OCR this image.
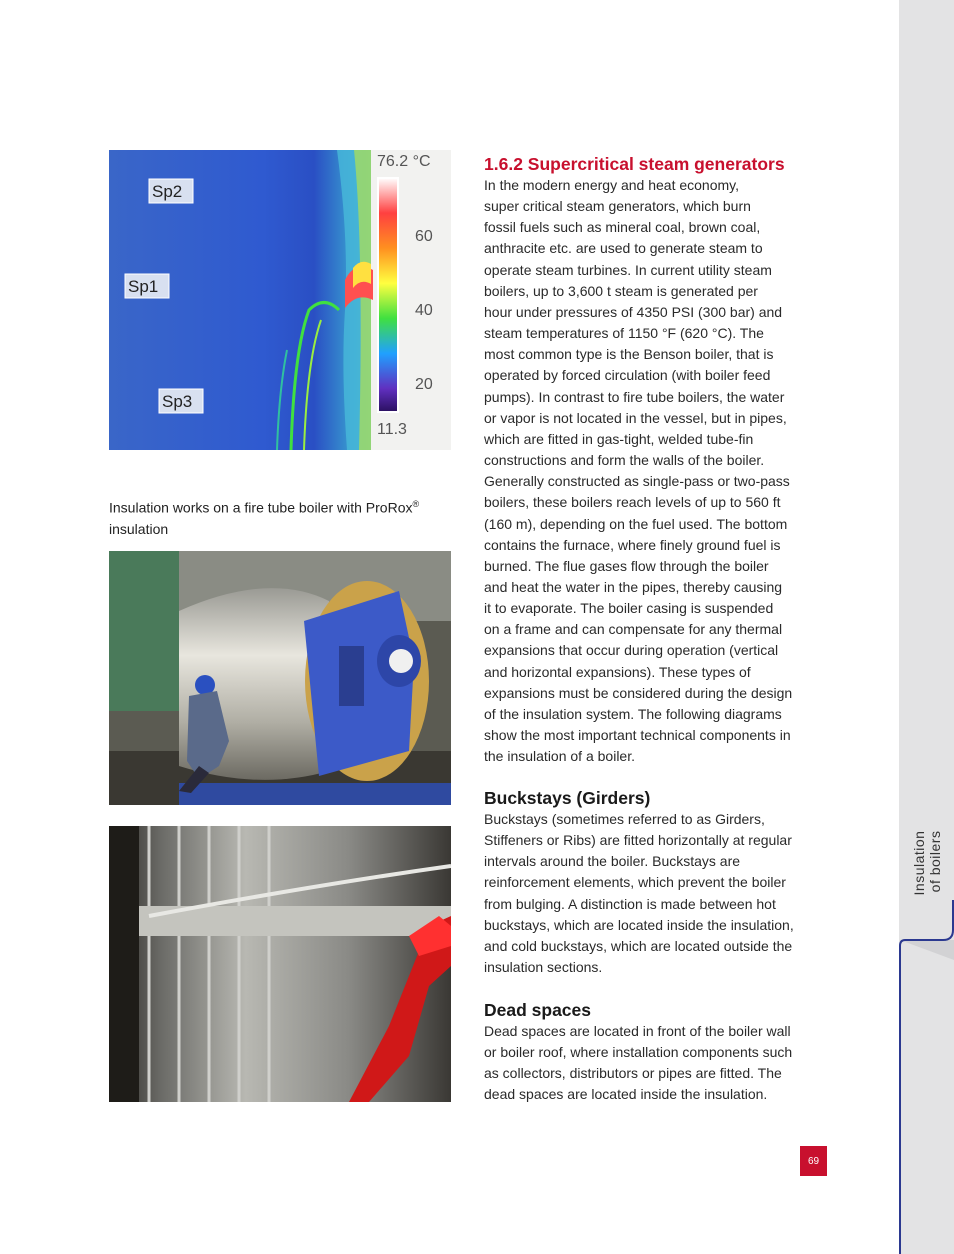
Insulation
of boilers
76.2 °C
60
40
20
11.3
Sp2
Sp1
Sp3
Insulation works on a fire tube boiler with ProRox® insulation
1.6.2 Supercritical steam generators

In the modern energy and heat economy,
super critical steam generators, which burn
fossil fuels such as mineral coal, brown coal,
anthracite etc. are used to generate steam to
operate steam turbines. In current utility steam
boilers, up to 3,600 t steam is generated per
hour under pressures of 4350 PSI (300 bar) and
steam temperatures of 1150 °F (620 °C). The
most common type is the Benson boiler, that is
operated by forced circulation (with boiler feed
pumps). In contrast to fire tube boilers, the water
or vapor is not located in the vessel, but in pipes,
which are fitted in gas-tight, welded tube-fin
constructions and form the walls of the boiler.
Generally constructed as single-pass or two-pass
boilers, these boilers reach levels of up to 560 ft
(160 m), depending on the fuel used. The bottom
contains the furnace, where finely ground fuel is
burned. The flue gases flow through the boiler
and heat the water in the pipes, thereby causing
it to evaporate. The boiler casing is suspended
on a frame and can compensate for any thermal
expansions that occur during operation (vertical
and horizontal expansions). These types of
expansions must be considered during the design
of the insulation system. The following diagrams
show the most important technical components in
the insulation of a boiler.

Buckstays (Girders)

Buckstays (sometimes referred to as Girders,
Stiffeners or Ribs) are fitted horizontally at regular
intervals around the boiler. Buckstays are
reinforcement elements, which prevent the boiler
from bulging. A distinction is made between hot
buckstays, which are located inside the insulation,
and cold buckstays, which are located outside the
insulation sections.

Dead spaces

Dead spaces are located in front of the boiler wall
or boiler roof, where installation components such
as collectors, distributors or pipes are fitted. The
dead spaces are located inside the insulation.

69
